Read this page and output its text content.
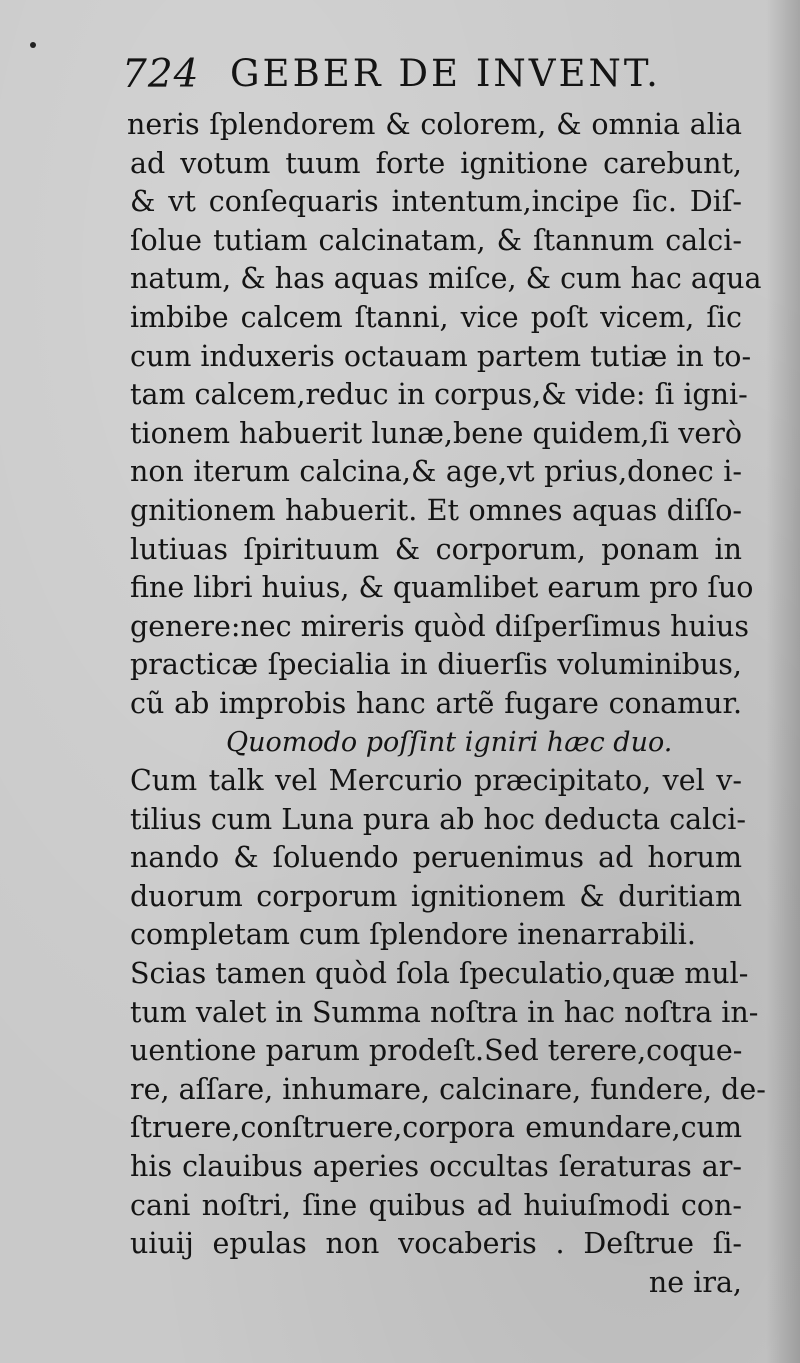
724 GEBER DE INVENT.
neris ſplendorem & colorem, & omnia alia
ad votum tuum forte ignitione carebunt,
& vt conſequaris intentum,incipe ſic. Diſ-
ſolue tutiam calcinatam, & ſtannum calci-
natum, & has aquas miſce, & cum hac aqua
imbibe calcem ſtanni, vice poſt vicem, ſic
cum induxeris octauam partem tutiæ in to-
tam calcem,reduc in corpus,& vide: ſi igni-
tionem habuerit lunæ,bene quidem,ſi verò
non iterum calcina,& age,vt prius,donec i-
gnitionem habuerit. Et omnes aquas diſſo-
lutiuas ſpirituum & corporum, ponam in
fine libri huius, & quamlibet earum pro ſuo
genere:nec mireris quòd diſperſimus huius
practicæ ſpecialia in diuerſis voluminibus,
cũ ab improbis hanc artẽ fugare conamur.
Quomodo poſſint igniri hæc duo.
Cum talk vel Mercurio præcipitato, vel v-
tilius cum Luna pura ab hoc deducta calci-
nando & ſoluendo peruenimus ad horum
duorum corporum ignitionem & duritiam
completam cum ſplendore inenarrabili.
Scias tamen quòd ſola ſpeculatio,quæ mul-
tum valet in Summa noſtra in hac noſtra in-
uentione parum prodeſt.Sed terere,coque-
re, aſſare, inhumare, calcinare, fundere, de-
ſtruere,conſtruere,corpora emundare,cum
his clauibus aperies occultas ſeraturas ar-
cani noſtri, ſine quibus ad huiuſmodi con-
uiuij epulas non vocaberis . Deſtrue ſi-
ne ira,
